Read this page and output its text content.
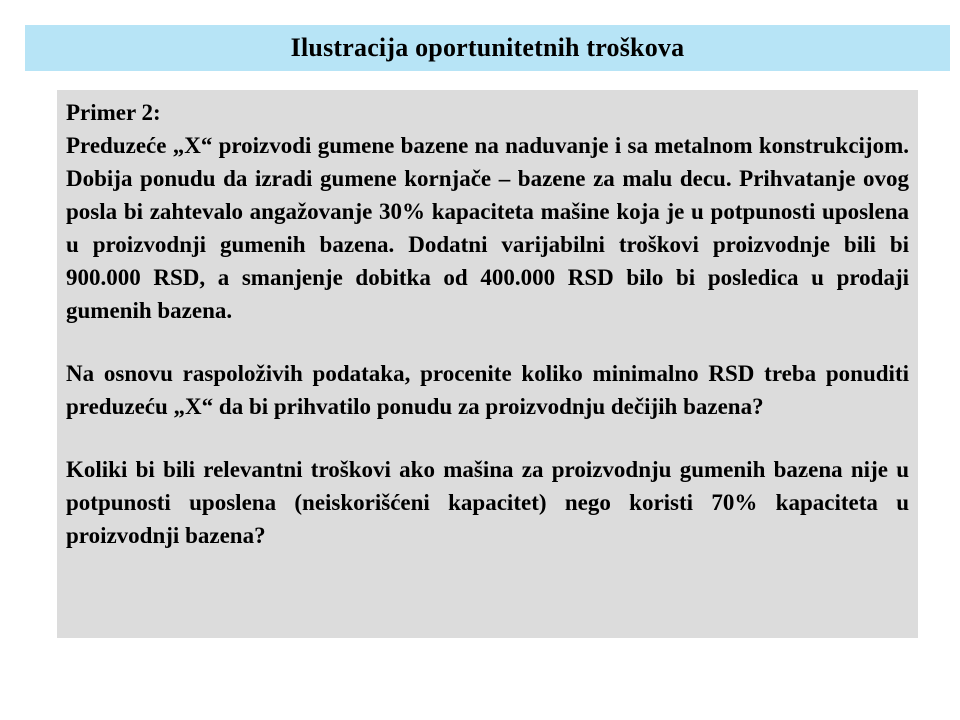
Ilustracija oportunitetnih troškova

Primer 2:

Preduzeće „X“ proizvodi gumene bazene na naduvanje i sa metalnom konstrukcijom. Dobija ponudu da izradi gumene kornjače – bazene za malu decu. Prihvatanje ovog posla bi zahtevalo angažovanje 30% kapaciteta mašine koja je u potpunosti uposlena u proizvodnji gumenih bazena. Dodatni varijabilni troškovi proizvodnje bili bi 900.000 RSD, a smanjenje dobitka od 400.000 RSD bilo bi posledica u prodaji gumenih bazena.

Na osnovu raspoloživih podataka, procenite koliko minimalno RSD treba ponuditi preduzeću „X“ da bi prihvatilo ponudu za proizvodnju dečijih bazena?

Koliki bi bili relevantni troškovi ako mašina za proizvodnju gumenih bazena nije u potpunosti uposlena (neiskorišćeni kapacitet) nego koristi 70% kapaciteta u proizvodnji bazena?
